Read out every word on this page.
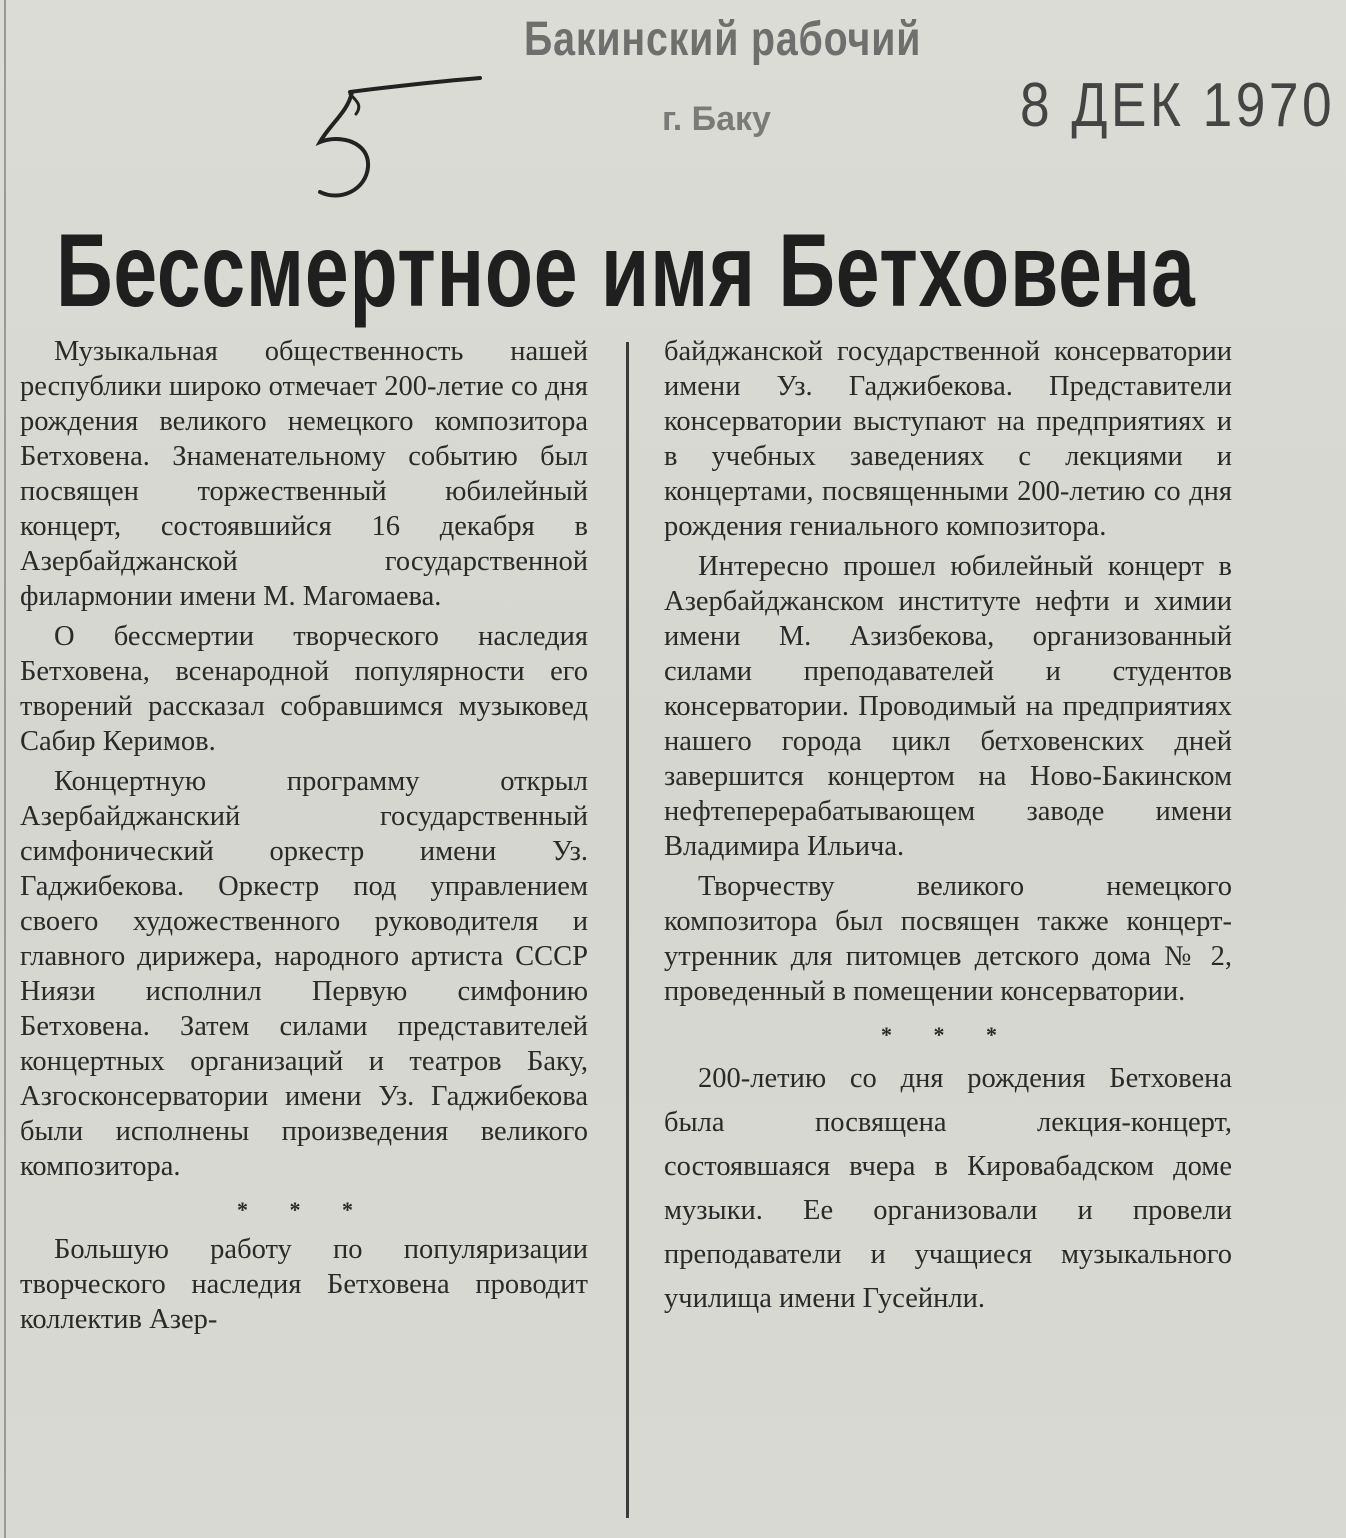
Бакинский рабочий
г. Баку	8 ДЕК 1970
Бессмертное имя Бетховена

Музыкальная общественность нашей республики широко отмечает 200-летие со дня рождения великого немецкого композитора Бетховена. Знаменательному событию был посвящен торжественный юбилейный концерт, состоявшийся 16 декабря в Азербайджанской государственной филармонии имени М. Магомаева.

О бессмертии творческого наследия Бетховена, всенародной популярности его творений рассказал собравшимся музыковед Сабир Керимов.

Концертную программу открыл Азербайджанский государственный симфонический оркестр имени Уз. Гаджибекова. Оркестр под управлением своего художественного руководителя и главного дирижера, народного артиста СССР Ниязи исполнил Первую симфонию Бетховена. Затем силами представителей концертных организаций и театров Баку, Азгосконсерватории имени Уз. Гаджибекова были исполнены произведения великого композитора.

* * *

Большую работу по популяризации творческого наследия Бетховена проводит коллектив Азер-

байджанской государственной консерватории имени Уз. Гаджибекова. Представители консерватории выступают на предприятиях и в учебных заведениях с лекциями и концертами, посвященными 200-летию со дня рождения гениального композитора.

Интересно прошел юбилейный концерт в Азербайджанском институте нефти и химии имени М. Азизбекова, организованный силами преподавателей и студентов консерватории. Проводимый на предприятиях нашего города цикл бетховенских дней завершится концертом на Ново-Бакинском нефтеперерабатывающем заводе имени Владимира Ильича.

Творчеству великого немецкого композитора был посвящен также концерт-утренник для питомцев детского дома № 2, проведенный в помещении консерватории.

* * *

200-летию со дня рождения Бетховена была посвящена лекция-концерт, состоявшаяся вчера в Кировабадском доме музыки. Ее организовали и провели преподаватели и учащиеся музыкального училища имени Гусейнли.
